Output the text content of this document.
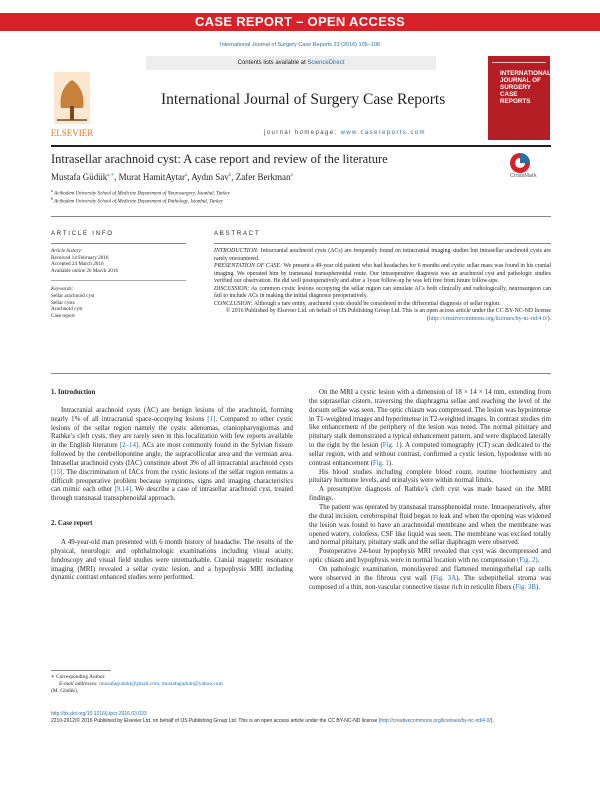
CASE REPORT – OPEN ACCESS
International Journal of Surgery Case Reports 23 (2016) 105–108
Contents lists available at ScienceDirect
ELSEVIER
International Journal of Surgery Case Reports
journal homepage: www.casereports.com
INTERNATIONAL JOURNAL OF SURGERY CASE REPORTS
Intrasellar arachnoid cyst: A case report and review of the literature
CrossMark
Mustafa Güdük$^{a,∗}$, Murat HamitAytar$^a$, Aydın Sav$^b$, Zafer Berkman$^a$
$^a$ Acibadem University School of Medicine Department of Neurosurgery, Istanbul, Turkey
$^b$ Acibadem University School of Medicine Department of Pathology, Istanbul, Turkey
ARTICLE INFO	ABSTRACT
Article history:
Received 14 February 2016
Accepted 24 March 2016
Available online 26 March 2016
Keywords:
Sellar arachnoid cyst
Sellar cysts
Arachnoid cyst
Case report
INTRODUCTION: Intracranial arachnoid cysts (ACs) are frequently found on intracranial imaging studies but intrasellar arachnoid cysts are rarely encountered.
PRESENTATION OF CASE: We present a 49-year old patient who had headaches for 6 months and cystic sellar mass was found in his cranial imaging. We operated him by transnasal transsphenoidal route. Our intraoperative diagnosis was an arachnoid cyst and pathologic studies verified our observation. He did well postoperatively and after a 1year follow-up he was left free from future follow-ups.
DISCUSSION: As common cystic lesions occupying the sellar region can simulate ACs both clinically and radiologically, neurosurgeon can fail to include ACs in making the initial diagnosis preoperatively.
CONCLUSION: Although a rare entity, arachnoid cysts should be considered in the differential diagnosis of sellar region.
© 2016 Published by Elsevier Ltd. on behalf of IJS Publishing Group Ltd. This is an open access article under the CC BY-NC-ND license (http://creativecommons.org/licenses/by-nc-nd/4.0/).
1. Introduction

Intracranial arachnoid cysts (AC) are benign lesions of the arachnoid, forming nearly 1% of all intracranial space-occupying lesions [1]. Compared to other cystic lesions of the sellar region namely the cystic adenomas, craniopharyngiomas and Rathke’s cleft cysts, they are rarely seen in this localization with few reports available in the English literature [2–14]. ACs are most commonly found in the Sylvian fissure followed by the cerebellopontine angle, the supracollicular area and the vermian area. Intrasellar arachnoid cysts (IAC) constitute about 3% of all intracranial arachnoid cysts [15]. The discrimination of IACs from the cystic lesions of the sellar region remains a difficult preoperative problem because symptoms, signs and imaging characteristics can mimic each other [9,14]. We describe a case of intrasellar arachnoid cyst, treated through transnasal transsphenoidal approach.

2. Case report

A 49-year-old man presented with 6 month history of headache. The results of the physical, neurologic and ophthalmologic examinations including visual acuity, fundoscopy and visual field studies were unremarkable. Cranial magnetic resonance imaging (MRI) revealed a sellar cystic lesion, and a hypophysis MRI including dynamic contrast enhanced studies were performed.

On the MRI a cystic lesion with a dimension of 18 × 14 × 14 mm, extending from the suprasellar cistern, traversing the diaphragma sellae and reaching the level of the dorsum sellae was seen. The optic chiasm was compressed. The lesion was hypointense in T1-weighted images and hyperintense in T2-weighted images. In contrast studies rim like enhancement of the periphery of the lesion was noted. The normal pituitary and pituitary stalk demonstrated a typical enhancement pattern, and were displaced laterally to the right by the lesion (Fig. 1). A computed tomography (CT) scan dedicated to the sellar region, with and without contrast, confirmed a cystic lesion, hypodense with no contrast enhancement (Fig. 1).

His blood studies including complete blood count, routine biochemistry and pituitary hormone levels, and urinalysis were within normal limits.

A presumptive diagnosis of Rathke’s cleft cyst was made based on the MRI findings.

The patient was operated by transnasal transsphenoidal route. Intraoperatively, after the dural incision, cerebrospinal fluid began to leak and when the opening was widened the lesion was found to have an arachnoidal membrane and when the membrane was opened watery, colorless, CSF like liquid was seen. The membrane was excised totally and normal pituitary, pituitary stalk and the sellar diaphragm were observed.

Postoperative 24-hour hypophysis MRI revealed that cyst was decompressed and optic chiasm and hypophysis were in normal location with no compression (Fig. 2).

On pathologic examination, monolayered and flattened meningothelial cap cells were observed in the fibrous cyst wall (Fig. 3A). The subepithelial stroma was composed of a thin, non-vascular connective tissue rich in reticulin fibers (Fig. 3B).

∗ Corresponding Author.
E-mail addresses: mustafagudukl@gmail.com, mustafagudukl@yahoo.com
(M. Güdük).
http://dx.doi.org/10.1016/j.ijscr.2016.03.033
2210-2612/© 2016 Published by Elsevier Ltd. on behalf of IJS Publishing Group Ltd. This is an open access article under the CC BY-NC-ND license (http://creativecommons.org/licenses/by-nc-nd/4.0/).
